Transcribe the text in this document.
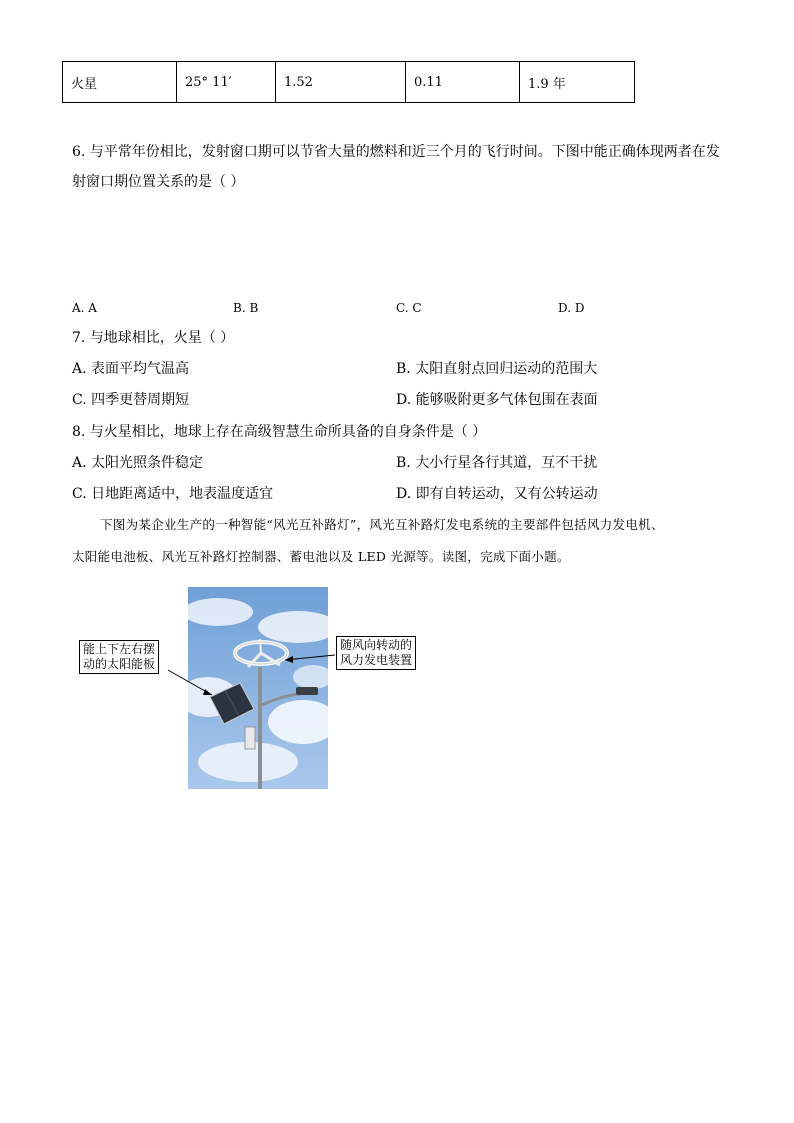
火星	25° 11′	1.52	0.11	1.9 年
6. 与平常年份相比，发射窗口期可以节省大量的燃料和近三个月的飞行时间。下图中能正确体现两者在发
射窗口期位置关系的是（ ）
A. A	B. B	C. C	D. D
7. 与地球相比，火星（ ）
A. 表面平均气温高	B. 太阳直射点回归运动的范围大
C. 四季更替周期短	D. 能够吸附更多气体包围在表面
8. 与火星相比，地球上存在高级智慧生命所具备的自身条件是（ ）
A. 太阳光照条件稳定	B. 大小行星各行其道，互不干扰
C. 日地距离适中，地表温度适宜	D. 即有自转运动，又有公转运动
下图为某企业生产的一种智能“风光互补路灯”，风光互补路灯发电系统的主要部件包括风力发电机、
太阳能电池板、风光互补路灯控制器、蓄电池以及 LED 光源等。读图，完成下面小题。
能上下左右摆
动的太阳能板
随风向转动的
风力发电装置
